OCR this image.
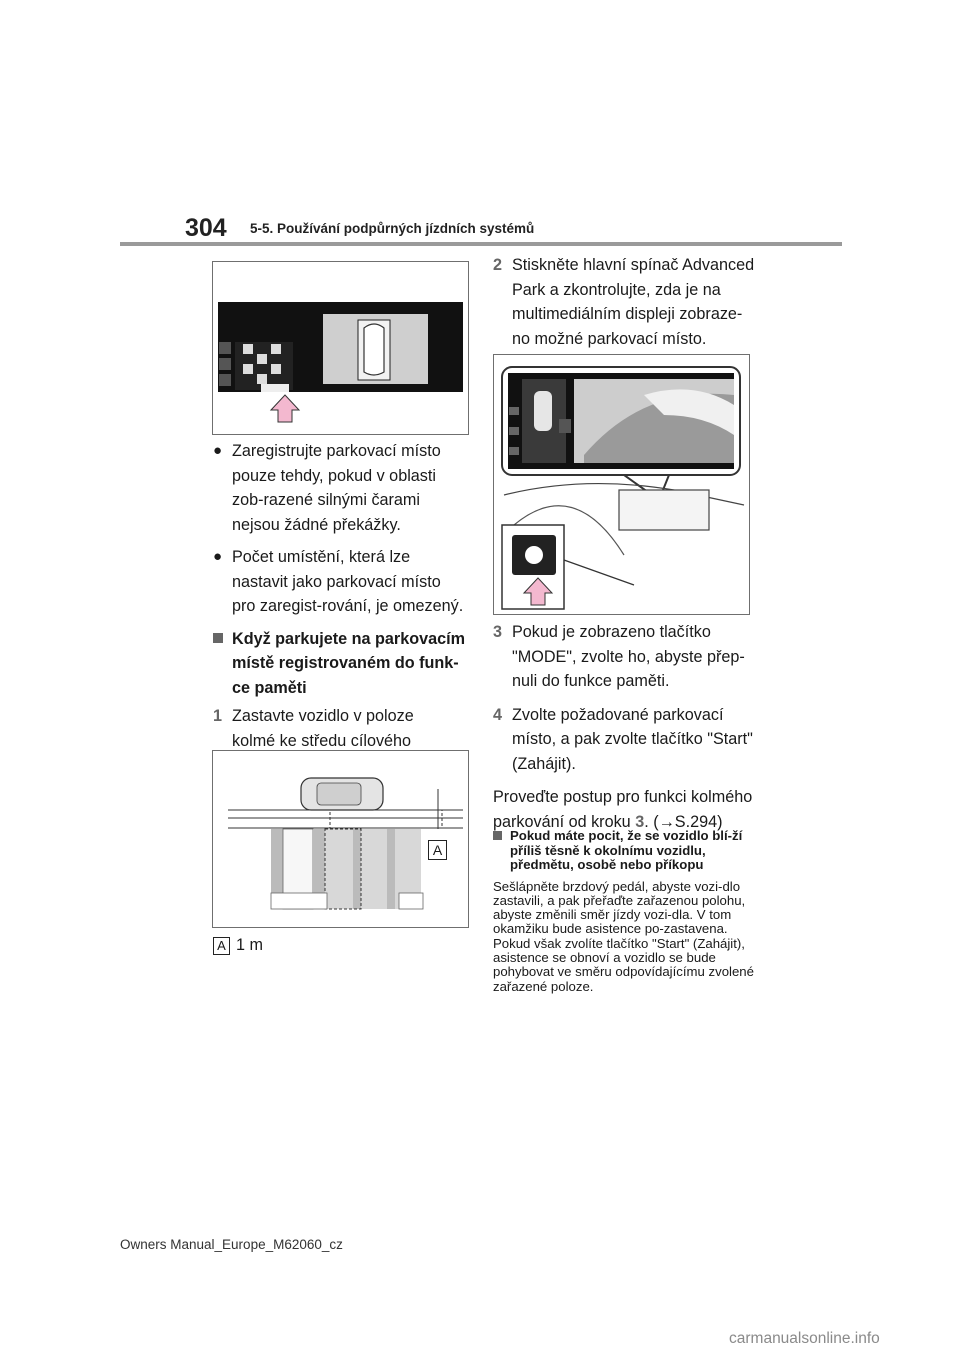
304 5-5. Používání podpůrných jízdních systémů
● Zaregistrujte parkovací místo pouze tehdy, pokud v oblasti zob-razené silnými čarami nejsou žádné překážky.
● Počet umístění, která lze nastavit jako parkovací místo pro zaregist-rování, je omezený.
Když parkujete na parkovacím místě registrovaném do funk-ce paměti
1 Zastavte vozidlo v poloze kolmé ke středu cílového
A
A 1 m
2 Stiskněte hlavní spínač Advanced Park a zkontrolujte, zda je na multimediálním displeji zobraze-no možné parkovací místo.
3 Pokud je zobrazeno tlačítko "MODE", zvolte ho, abyste přep-nuli do funkce paměti.
4 Zvolte požadované parkovací místo, a pak zvolte tlačítko "Start" (Zahájit).
Proveďte postup pro funkci kolmého parkování od kroku 3. (→S.294)
Pokud máte pocit, že se vozidlo blí-ží příliš těsně k okolnímu vozidlu, předmětu, osobě nebo příkopu
Sešlápněte brzdový pedál, abyste vozi-dlo zastavili, a pak přeřaďte zařazenou polohu, abyste změnili směr jízdy vozi-dla. V tom okamžiku bude asistence po-zastavena. Pokud však zvolíte tlačítko "Start" (Zahájit), asistence se obnoví a vozidlo se bude pohybovat ve směru odpovídajícímu zvolené zařazené poloze.
Owners Manual_Europe_M62060_cz
carmanualsonline.info
